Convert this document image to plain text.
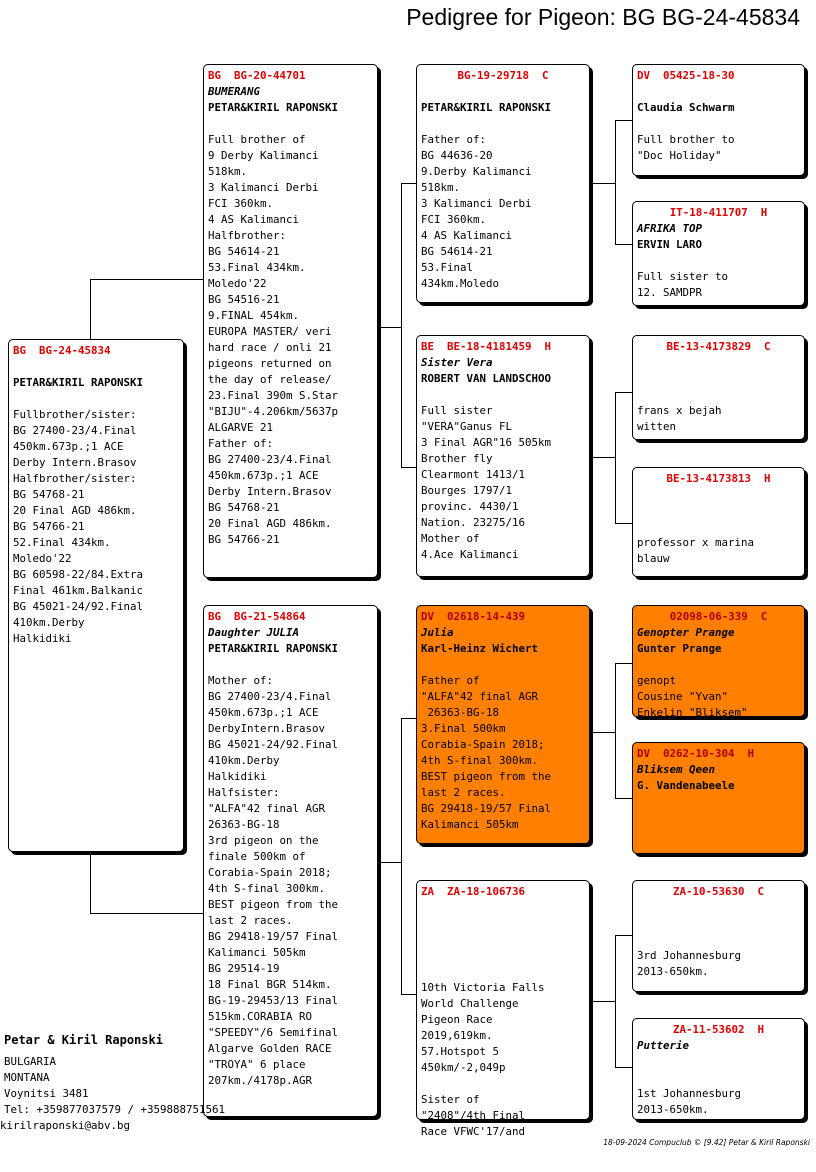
Pedigree for Pigeon: BG BG-24-45834
BG  BG-24-45834
PETAR&KIRIL RAPONSKI
Fullbrother/sister:
BG 27400-23/4.Final
450km.673p.;1 ACE
Derby Intern.Brasov
Halfbrother/sister:
BG 54768-21
20 Final AGD 486km.
BG 54766-21
52.Final 434km.
Moledo'22
BG 60598-22/84.Extra
Final 461km.Balkanic
BG 45021-24/92.Final
410km.Derby
Halkidiki
BG  BG-20-44701
BUMERANG
PETAR&KIRIL RAPONSKI
Full brother of
9 Derby Kalimanci
518km.
3 Kalimanci Derbi
FCI 360km.
4 AS Kalimanci
Halfbrother:
BG 54614-21
53.Final 434km.
Moledo'22
BG 54516-21
9.FINAL 454km.
EUROPA MASTER/ veri
hard race / onli 21
pigeons returned on
the day of release/
23.Final 390m S.Star
"BIJU"-4.206km/5637p
ALGARVE 21
Father of:
BG 27400-23/4.Final
450km.673p.;1 ACE
Derby Intern.Brasov
BG 54768-21
20 Final AGD 486km.
BG 54766-21
BG  BG-21-54864
Daughter JULIA
PETAR&KIRIL RAPONSKI
Mother of:
BG 27400-23/4.Final
450km.673p.;1 ACE
DerbyIntern.Brasov
BG 45021-24/92.Final
410km.Derby
Halkidiki
Halfsister:
"ALFA"42 final AGR
26363-BG-18
3rd pigeon on the
finale 500km of
Corabia-Spain 2018;
4th S-final 300km.
BEST pigeon from the
last 2 races.
BG 29418-19/57 Final
Kalimanci 505km
BG 29514-19
18 Final BGR 514km.
BG-19-29453/13 Final
515km.CORABIA RO
"SPEEDY"/6 Semifinal
Algarve Golden RACE
"TROYA" 6 place
207km./4178p.AGR
BG-19-29718  C
PETAR&KIRIL RAPONSKI
Father of:
BG 44636-20
9.Derby Kalimanci
518km.
3 Kalimanci Derbi
FCI 360km.
4 AS Kalimanci
BG 54614-21
53.Final
434km.Moledo
BE  BE-18-4181459  H
Sister Vera
ROBERT VAN LANDSCHOO
Full sister
"VERA"Ganus FL
3 Final AGR"16 505km
Brother fly
Clearmont 1413/1
Bourges 1797/1
provinc. 4430/1
Nation. 23275/16
Mother of
4.Ace Kalimanci
DV  02618-14-439
Julia
Karl-Heinz Wichert
Father of
"ALFA"42 final AGR
26363-BG-18
3.Final 500km
Corabia-Spain 2018;
4th S-final 300km.
BEST pigeon from the
last 2 races.
BG 29418-19/57 Final
Kalimanci 505km
ZA  ZA-18-106736
10th Victoria Falls
World Challenge
Pigeon Race
2019,619km.
57.Hotspot 5
450km/-2,049p

Sister of
"2408"/4th Final
Race VFWC'17/and
DV  05425-18-30
Claudia Schwarm
Full brother to
"Doc Holiday"
IT-18-411707  H
AFRIKA TOP
ERVIN LARO
Full sister to
12. SAMDPR
BE-13-4173829  C
frans x bejah
witten
BE-13-4173813  H
professor x marina
blauw
02098-06-339  C
Genopter Prange
Gunter Prange
genopt
Cousine "Yvan"
Enkelin "Bliksem"
DV  0262-10-304  H
Bliksem Qeen
G. Vandenabeele
ZA-10-53630  C
3rd Johannesburg
2013-650km.
ZA-11-53602  H
Putterie
1st Johannesburg
2013-650km.
Petar & Kiril Raponski
BULGARIA
MONTANA
Voynitsi 3481
Tel: +359877037579 / +359888751561
kirilraponski@abv.bg
18-09-2024 Compuclub © [9.42] Petar & Kiril Raponski
